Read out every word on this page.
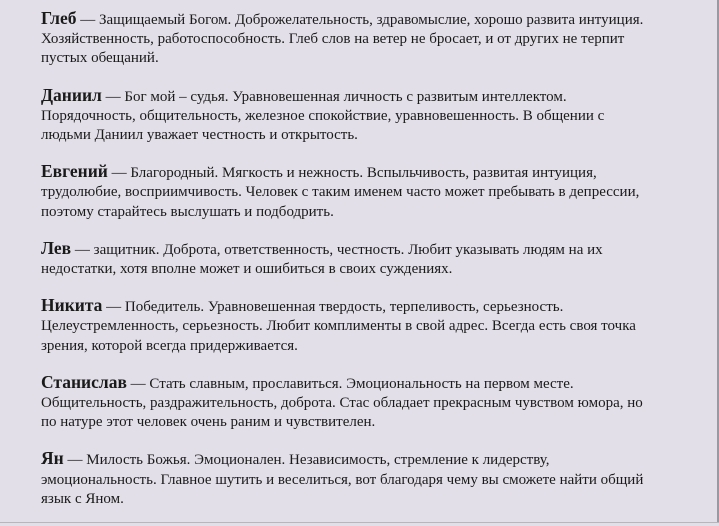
Глеб — Защищаемый Богом. Доброжелательность, здравомыслие, хорошо развита интуиция. Хозяйственность, работоспособность. Глеб слов на ветер не бросает, и от других не терпит пустых обещаний.

Даниил — Бог мой – судья. Уравновешенная личность с развитым интеллектом. Порядочность, общительность, железное спокойствие, уравновешенность. В общении с людьми Даниил уважает честность и открытость.

Евгений — Благородный. Мягкость и нежность. Вспыльчивость, развитая интуиция, трудолюбие, восприимчивость. Человек с таким именем часто может пребывать в депрессии, поэтому старайтесь выслушать и подбодрить.

Лев — защитник. Доброта, ответственность, честность. Любит указывать людям на их недостатки, хотя вполне может и ошибиться в своих суждениях.

Никита — Победитель. Уравновешенная твердость, терпеливость, серьезность. Целеустремленность, серьезность. Любит комплименты в свой адрес. Всегда есть своя точка зрения, которой всегда придерживается.

Станислав — Стать славным, прославиться. Эмоциональность на первом месте. Общительность, раздражительность, доброта. Стас обладает прекрасным чувством юмора, но по натуре этот человек очень раним и чувствителен.

Ян — Милость Божья. Эмоционален. Независимость, стремление к лидерству, эмоциональность. Главное шутить и веселиться, вот благодаря чему вы сможете найти общий язык с Яном.
